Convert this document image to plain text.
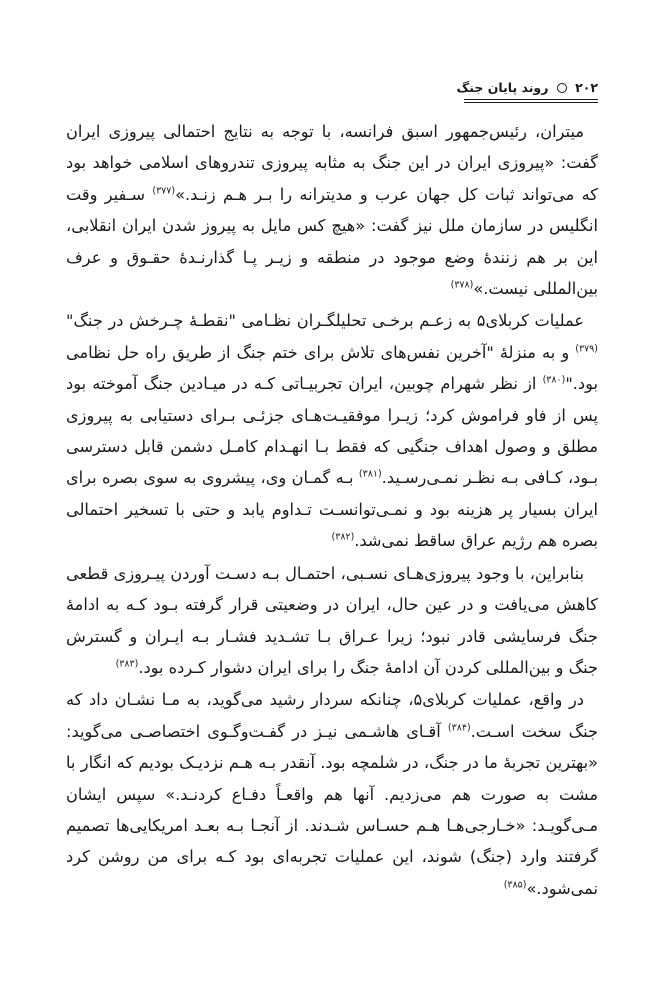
۲۰۲  روند پایان جنگ

میتران، رئیس‌جمهور اسبق فرانسه، با توجه به نتایج احتمالی پیروزی ایران گفت: «پیروزی ایران در این جنگ به مثابه پیروزی تندروهای اسلامی خواهد بود که می‌تواند ثبات کل جهان عرب و مدیترانه را بـر هـم زنـد.»$^{(۳۷۷)}$ سـفیر وقت انگلیس در سازمان ملل نیز گفت: «هیچ کس مایل به پیروز شدن ایران انقلابی، این بر هم زنندۀ وضع موجود در منطقه و زیـر پـا گذارنـدۀ حقـوق و عرف بین‌المللی نیست.»$^{(۳۷۸)}$

عملیات کربلای۵ به زعـم برخـی تحلیلگـران نظـامی "نقطـۀ چـرخش در جنگ"$^{(۳۷۹)}$ و به منزلۀ "آخرین نفس‌های تلاش برای ختم جنگ از طریق راه حل نظامی بود."$^{(۳۸۰)}$ از نظر شهرام چوبین، ایران تجربیـاتی کـه در میـادین جنگ آموخته بود پس از فاو فراموش کرد؛ زیـرا موفقیـت‌هـای جزئـی بـرای دستیابی به پیروزی مطلق و وصول اهداف جنگیی که فقط بـا انهـدام کامـل دشمن قابل دسترسی بـود، کـافی بـه نظـر نمـی‌رسـید.$^{(۳۸۱)}$ بـه گمـان وی، پیشروی به سوی بصره برای ایران بسیار پر هزینه بود و نمـی‌توانسـت تـداوم یابد و حتی با تسخیر احتمالی بصره هم رژیم عراق ساقط نمی‌شد.$^{(۳۸۲)}$

بنابراین، با وجود پیروزی‌هـای نسـبی، احتمـال بـه دسـت آوردن پیـروزی قطعی کاهش می‌یافت و در عین حال، ایران در وضعیتی قرار گرفته بـود کـه به ادامۀ جنگ فرسایشی قادر نبود؛ زیرا عـراق بـا تشـدید فشـار بـه ایـران و گسترش جنگ و بین‌المللی کردن آن ادامۀ جنگ را برای ایران دشوار کـرده بود.$^{(۳۸۳)}$

در واقع، عملیات کربلای۵، چنانکه سردار رشید می‌گوید، به مـا نشـان داد که جنگ سخت اسـت.$^{(۳۸۴)}$ آقـای هاشـمی نیـز در گفـت‌وگـوی اختصاصـی می‌گوید: «بهترین تجربۀ ما در جنگ، در شلمچه بود. آنقدر بـه هـم نزدیـک بودیم که انگار با مشت به صورت هم می‌زدیم. آنها هم واقعـاً دفـاع کردنـد.» سپس ایشان مـی‌گویـد: «خـارجی‌هـا هـم حسـاس شـدند. از آنجـا بـه بعـد امریکایی‌ها تصمیم گرفتند وارد (جنگ) شوند، این عملیات تجربه‌ای بود کـه برای من روشن کرد نمی‌شود.»$^{(۳۸۵)}$
